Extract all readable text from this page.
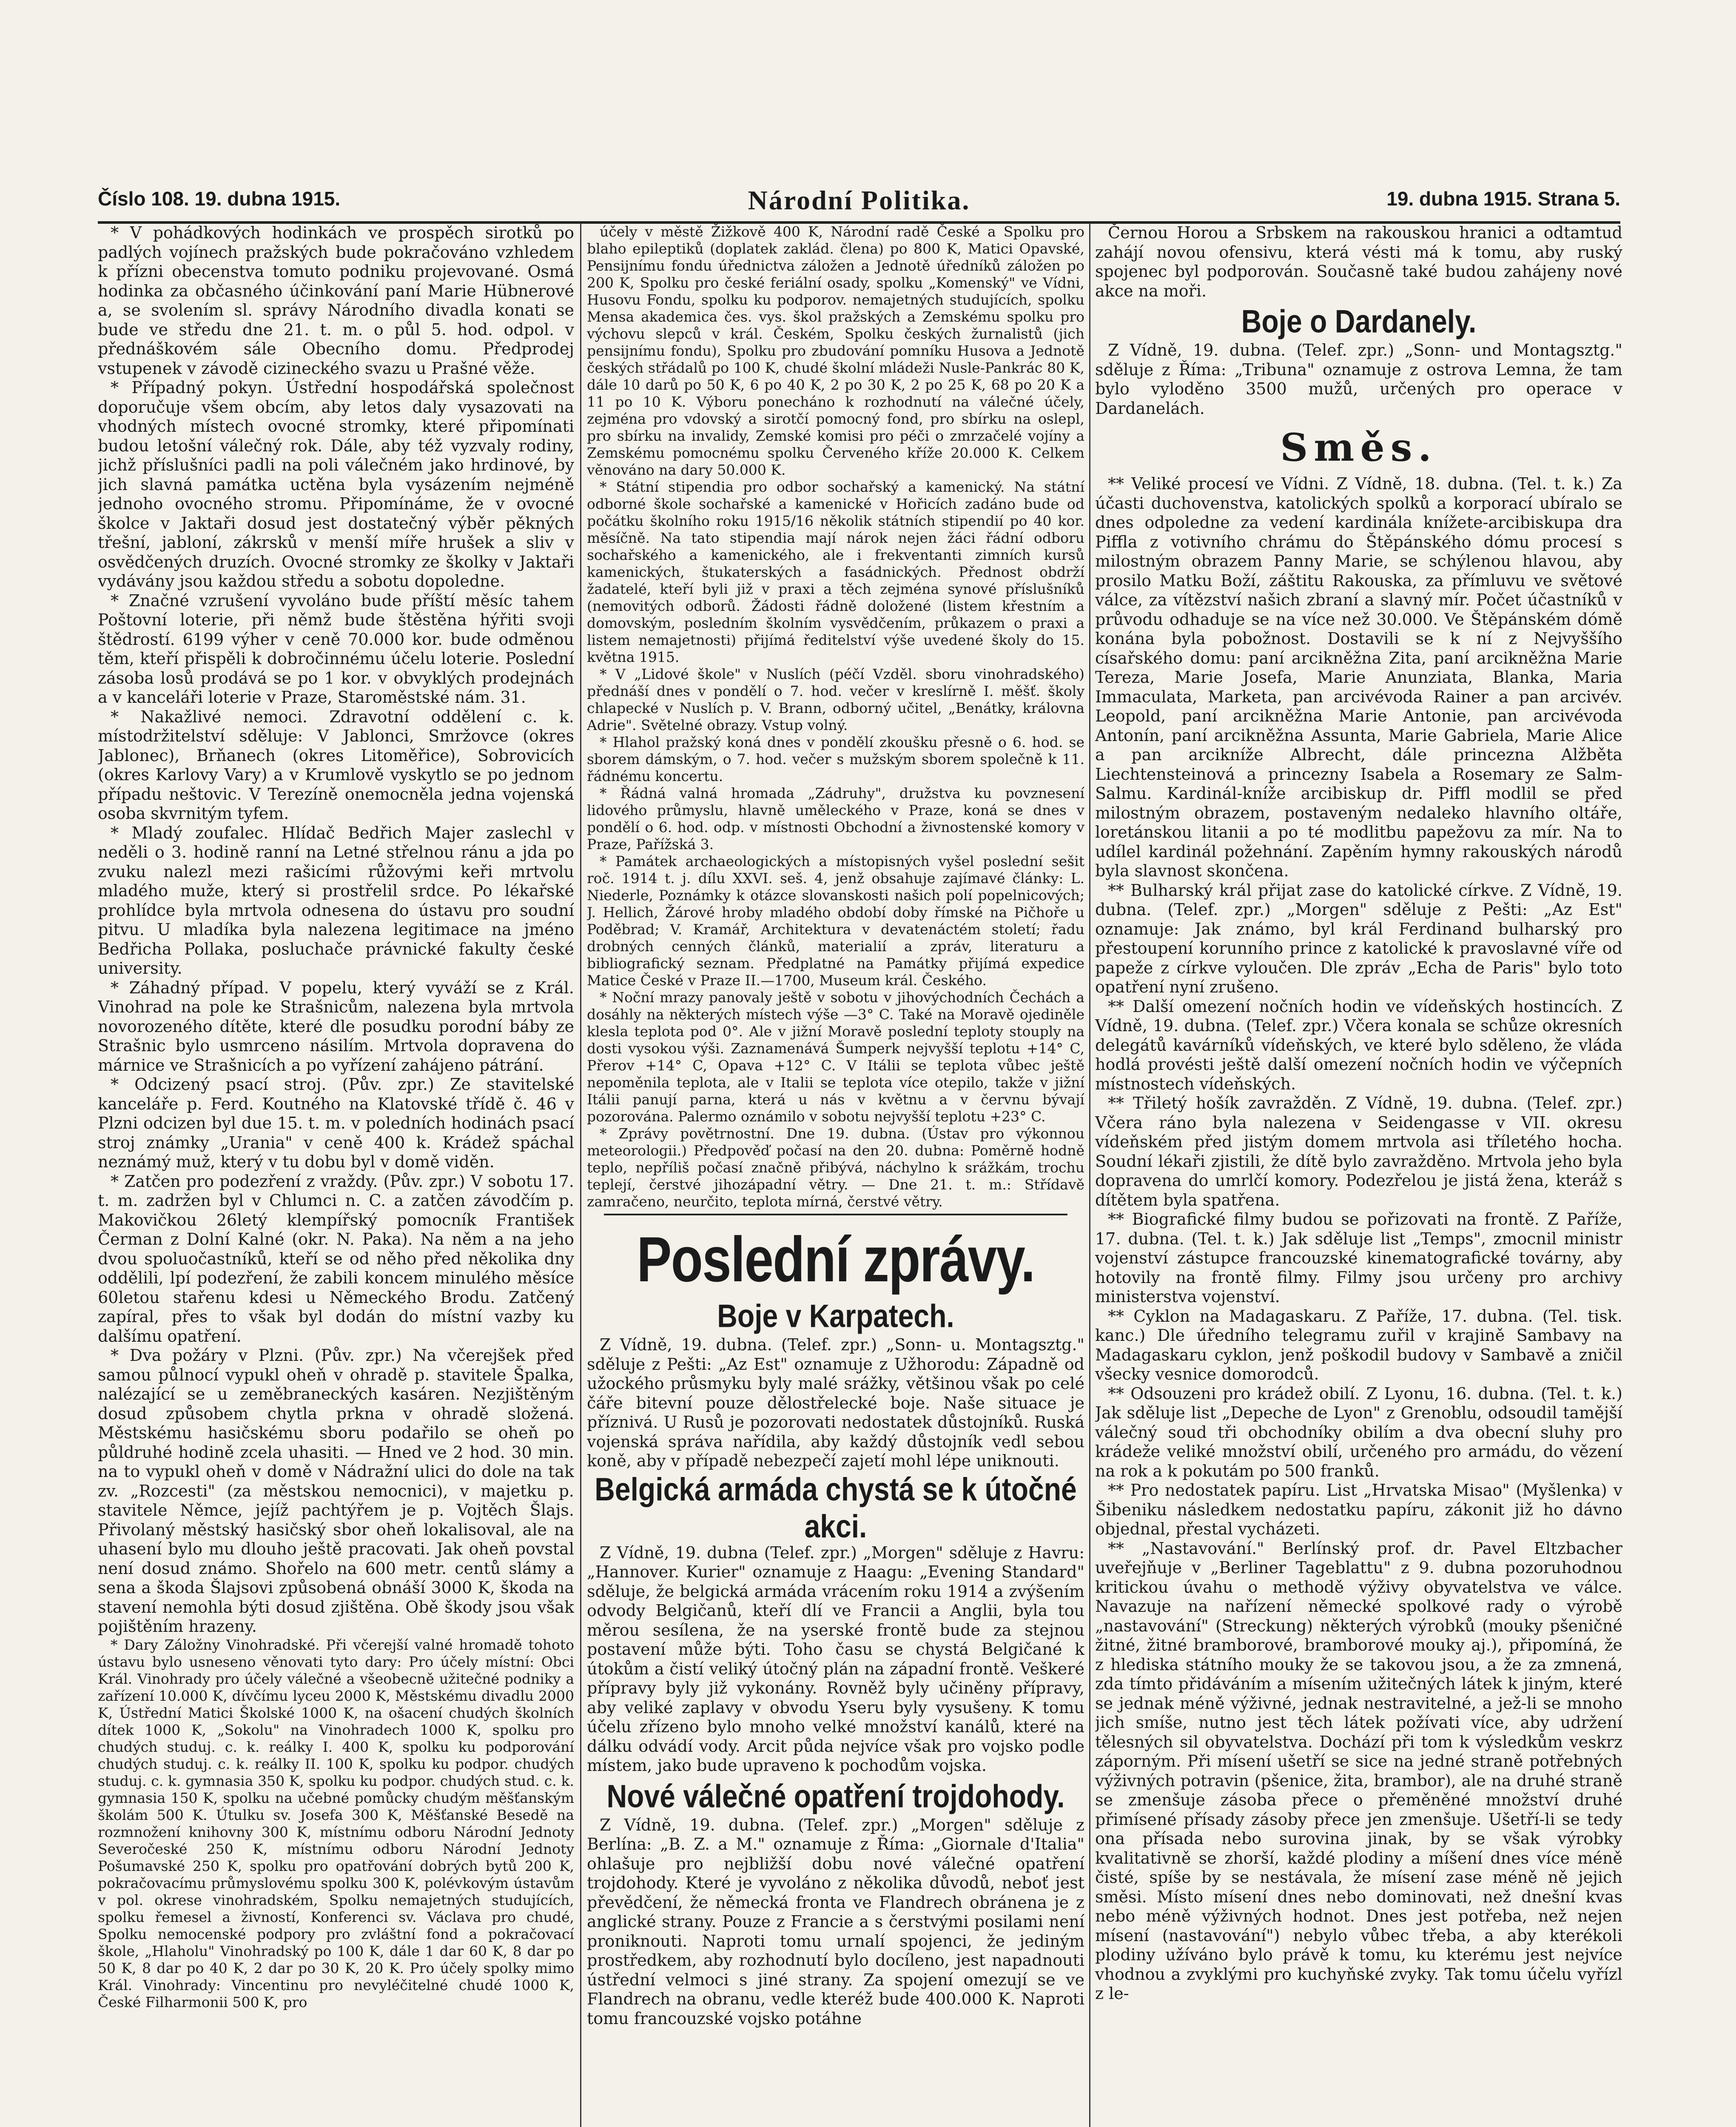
Číslo 108. 19. dubna 1915.	Národní Politika.	19. dubna 1915. Strana 5.

* V pohádkových hodinkách ve prospěch sirotků po padlých vojínech pražských bude pokračováno vzhledem k přízni obecenstva tomuto podniku projevované. Osmá hodinka za občasného účinkování paní Marie Hübnerové a, se svolením sl. správy Národního divadla konati se bude ve středu dne 21. t. m. o půl 5. hod. odpol. v přednáškovém sále Obecního domu. Předprodej vstupenek v závodě cizineckého svazu u Prašné věže.

* Případný pokyn. Ústřední hospodářská společnost doporučuje všem obcím, aby letos daly vysazovati na vhodných místech ovocné stromky, které připomínati budou letošní válečný rok. Dále, aby též vyzvaly rodiny, jichž příslušníci padli na poli válečném jako hrdinové, by jich slavná památka uctěna byla vysázením nejméně jednoho ovocného stromu. Připomínáme, že v ovocné školce v Jaktaři dosud jest dostatečný výběr pěkných třešní, jabloní, zákrsků v menší míře hrušek a sliv v osvědčených druzích. Ovocné stromky ze školky v Jaktaři vydávány jsou každou středu a sobotu dopoledne.

* Značné vzrušení vyvoláno bude příští měsíc tahem Poštovní loterie, při němž bude štěstěna hýřiti svoji štědrostí. 6199 výher v ceně 70.000 kor. bude odměnou těm, kteří přispěli k dobročinnému účelu loterie. Poslední zásoba losů prodává se po 1 kor. v obvyklých prodejnách a v kanceláři loterie v Praze, Staroměstské nám. 31.

* Nakažlivé nemoci. Zdravotní oddělení c. k. místodržitelství sděluje: V Jablonci, Smržovce (okres Jablonec), Brňanech (okres Litoměřice), Sobrovicích (okres Karlovy Vary) a v Krumlově vyskytlo se po jednom případu neštovic. V Terezíně onemocněla jedna vojenská osoba skvrnitým tyfem.

* Mladý zoufalec. Hlídač Bedřich Majer zaslechl v neděli o 3. hodině ranní na Letné střelnou ránu a jda po zvuku nalezl mezi rašicími růžovými keři mrtvolu mladého muže, který si prostřelil srdce. Po lékařské prohlídce byla mrtvola odnesena do ústavu pro soudní pitvu. U mladíka byla nalezena legitimace na jméno Bedřicha Pollaka, posluchače právnické fakulty české university.

* Záhadný případ. V popelu, který vyváží se z Král. Vinohrad na pole ke Strašnicům, nalezena byla mrtvola novorozeného dítěte, které dle posudku porodní báby ze Strašnic bylo usmrceno násilím. Mrtvola dopravena do márnice ve Strašnicích a po vyřízení zahájeno pátrání.

* Odcizený psací stroj. (Pův. zpr.) Ze stavitelské kanceláře p. Ferd. Koutného na Klatovské třídě č. 46 v Plzni odcizen byl due 15. t. m. v poledních hodinách psací stroj známky „Urania" v ceně 400 k. Krádež spáchal neznámý muž, který v tu dobu byl v domě viděn.

* Zatčen pro podezření z vraždy. (Pův. zpr.) V sobotu 17. t. m. zadržen byl v Chlumci n. C. a zatčen závodčím p. Makovičkou 26letý klempířský pomocník František Čerman z Dolní Kalné (okr. N. Paka). Na něm a na jeho dvou spoluočastníků, kteří se od něho před několika dny oddělili, lpí podezření, že zabili koncem minulého měsíce 60letou stařenu kdesi u Německého Brodu. Zatčený zapíral, přes to však byl dodán do místní vazby ku dalšímu opatření.

* Dva požáry v Plzni. (Pův. zpr.) Na včerejšek před samou půlnocí vypukl oheň v ohradě p. stavitele Špalka, nalézající se u zeměbraneckých kasáren. Nezjištěným dosud způsobem chytla prkna v ohradě složená. Městskému hasičskému sboru podařilo se oheň po půldruhé hodině zcela uhasiti. — Hned ve 2 hod. 30 min. na to vypukl oheň v domě v Nádražní ulici do dole na tak zv. „Rozcesti" (za městskou nemocnici), v majetku p. stavitele Němce, jejíž pachtýřem je p. Vojtěch Šlajs. Přivolaný městský hasičský sbor oheň lokalisoval, ale na uhasení bylo mu dlouho ještě pracovati. Jak oheň povstal není dosud známo. Shořelo na 600 metr. centů slámy a sena a škoda Šlajsovi způsobená obnáší 3000 K, škoda na stavení nemohla býti dosud zjištěna. Obě škody jsou však pojištěním hrazeny.

* Dary Záložny Vinohradské. Při včerejší valné hromadě tohoto ústavu bylo usneseno věnovati tyto dary: Pro účely místní: Obci Král. Vinohrady pro účely válečné a všeobecně užitečné podniky a zařízení 10.000 K, dívčímu lyceu 2000 K, Městskému divadlu 2000 K, Ústřední Matici Školské 1000 K, na ošacení chudých školních dítek 1000 K, „Sokolu" na Vinohradech 1000 K, spolku pro chudých studuj. c. k. reálky I. 400 K, spolku ku podporování chudých studuj. c. k. reálky II. 100 K, spolku ku podpor. chudých studuj. c. k. gymnasia 350 K, spolku ku podpor. chudých stud. c. k. gymnasia 150 K, spolku na učebné pomůcky chudým měšťanským školám 500 K. Útulku sv. Josefa 300 K, Měšťanské Besedě na rozmnožení knihovny 300 K, místnímu odboru Národní Jednoty Severočeské 250 K, místnímu odboru Národní Jednoty Pošumavské 250 K, spolku pro opatřování dobrých bytů 200 K, pokračovacímu průmyslovému spolku 300 K, polévkovým ústavům v pol. okrese vinohradském, Spolku nemajetných studujících, spolku řemesel a živností, Konferenci sv. Václava pro chudé, Spolku nemocenské podpory pro zvláštní fond a pokračovací škole, „Hlaholu" Vinohradský po 100 K, dále 1 dar 60 K, 8 dar po 50 K, 8 dar po 40 K, 2 dar po 30 K, 20 K. Pro účely spolky mimo Král. Vinohrady: Vincentinu pro nevyléčitelné chudé 1000 K, České Filharmonii 500 K, pro

účely v městě Žižkově 400 K, Národní radě České a Spolku pro blaho epileptiků (doplatek zaklád. člena) po 800 K, Matici Opavské, Pensijnímu fondu úřednictva záložen a Jednotě úředníků záložen po 200 K, Spolku pro české feriální osady, spolku „Komenský" ve Vídni, Husovu Fondu, spolku ku podporov. nemajetných studujících, spolku Mensa akademica čes. vys. škol pražských a Zemskému spolku pro výchovu slepců v král. Českém, Spolku českých žurnalistů (jich pensijnímu fondu), Spolku pro zbudování pomníku Husova a Jednotě českých střádalů po 100 K, chudé školní mládeži Nusle-Pankrác 80 K, dále 10 darů po 50 K, 6 po 40 K, 2 po 30 K, 2 po 25 K, 68 po 20 K a 11 po 10 K. Výboru ponecháno k rozhodnutí na válečné účely, zejména pro vdovský a sirotčí pomocný fond, pro sbírku na oslepl, pro sbírku na invalidy, Zemské komisi pro péči o zmrzačelé vojíny a Zemskému pomocnému spolku Červeného kříže 20.000 K. Celkem věnováno na dary 50.000 K.

* Státní stipendia pro odbor sochařský a kamenický. Na státní odborné škole sochařské a kamenické v Hořicích zadáno bude od počátku školního roku 1915/16 několik státních stipendií po 40 kor. měsíčně. Na tato stipendia mají nárok nejen žáci řádní odboru sochařského a kamenického, ale i frekventanti zimních kursů kamenických, štukaterských a fasádnických. Přednost obdrží žadatelé, kteří byli již v praxi a těch zejména synové příslušníků (nemovitých odborů. Žádosti řádně doložené (listem křestním a domovským, posledním školním vysvědčením, průkazem o praxi a listem nemajetnosti) přijímá ředitelství výše uvedené školy do 15. května 1915.

* V „Lidové škole" v Nuslích (péčí Vzděl. sboru vinohradského) přednáší dnes v pondělí o 7. hod. večer v kreslírně I. měšť. školy chlapecké v Nuslích p. V. Brann, odborný učitel, „Benátky, královna Adrie". Světelné obrazy. Vstup volný.

* Hlahol pražský koná dnes v pondělí zkoušku přesně o 6. hod. se sborem dámským, o 7. hod. večer s mužským sborem společně k 11. řádnému koncertu.

* Řádná valná hromada „Zádruhy", družstva ku povznesení lidového průmyslu, hlavně uměleckého v Praze, koná se dnes v pondělí o 6. hod. odp. v místnosti Obchodní a živnostenské komory v Praze, Pařížská 3.

* Památek archaeologických a místopisných vyšel poslední sešit roč. 1914 t. j. dílu XXVI. seš. 4, jenž obsahuje zajímavé články: L. Niederle, Poznámky k otázce slovanskosti našich polí popelnicových; J. Hellich, Žárové hroby mladého období doby římské na Pičhoře u Poděbrad; V. Kramář, Architektura v devatenáctém století; řadu drobných cenných článků, materialií a zpráv, literaturu a bibliografický seznam. Předplatné na Památky přijímá expedice Matice České v Praze II.—1700, Museum král. Českého.

* Noční mrazy panovaly ještě v sobotu v jihovýchodních Čechách a dosáhly na některých místech výše —3° C. Také na Moravě ojediněle klesla teplota pod 0°. Ale v jižní Moravě poslední teploty stouply na dosti vysokou výši. Zaznamenává Šumperk nejvyšší teplotu +14° C, Přerov +14° C, Opava +12° C. V Itálii se teplota vůbec ještě nepoměnila teplota, ale v Italii se teplota více otepilo, takže v jižní Itálii panují parna, která u nás v květnu a v červnu bývají pozorována. Palermo oznámilo v sobotu nejvyšší teplotu +23° C.

* Zprávy povětrnostní. Dne 19. dubna. (Ústav pro výkonnou meteorologii.) Předpověď počasí na den 20. dubna: Poměrně hodně teplo, nepříliš počasí značně přibývá, náchylno k srážkám, trochu teplejí, čerstvé jihozápadní větry. — Dne 21. t. m.: Střídavě zamračeno, neurčito, teplota mírná, čerstvé větry.

Poslední zprávy.
Boje v Karpatech.

Z Vídně, 19. dubna. (Telef. zpr.) „Sonn- u. Montagsztg." sděluje z Pešti: „Az Est" oznamuje z Užhorodu: Západně od užockého průsmyku byly malé srážky, většinou však po celé čáře bitevní pouze dělostřelecké boje. Naše situace je příznivá. U Rusů je pozorovati nedostatek důstojníků. Ruská vojenská správa nařídila, aby každý důstojník vedl sebou koně, aby v případě nebezpečí zajetí mohl lépe uniknouti.

Belgická armáda chystá se k útočné akci.

Z Vídně, 19. dubna (Telef. zpr.) „Morgen" sděluje z Havru: „Hannover. Kurier" oznamuje z Haagu: „Evening Standard" sděluje, že belgická armáda vrácením roku 1914 a zvýšením odvody Belgičanů, kteří dlí ve Francii a Anglii, byla tou měrou sesílena, že na yserské frontě bude za stejnou postavení může býti. Toho času se chystá Belgičané k útokům a čistí veliký útočný plán na západní frontě. Veškeré přípravy byly již vykonány. Rovněž byly učiněny přípravy, aby veliké zaplavy v obvodu Yseru byly vysušeny. K tomu účelu zřízeno bylo mnoho velké množství kanálů, které na dálku odvádí vody. Arcit půda nejvíce však pro vojsko podle místem, jako bude upraveno k pochodům vojska.

Nové válečné opatření trojdohody.

Z Vídně, 19. dubna. (Telef. zpr.) „Morgen" sděluje z Berlína: „B. Z. a M." oznamuje z Říma: „Giornale d'Italia" ohlašuje pro nejbližší dobu nové válečné opatření trojdohody. Které je vyvoláno z několika důvodů, neboť jest převědčení, že německá fronta ve Flandrech obránena je z anglické strany. Pouze z Francie a s čerstvými posilami není proniknouti. Naproti tomu urnalí spojenci, že jediným prostředkem, aby rozhodnutí bylo docíleno, jest napadnouti ústřední velmoci s jiné strany. Za spojení omezují se ve Flandrech na obranu, vedle kteréž bude 400.000 K. Naproti tomu francouzské vojsko potáhne

Černou Horou a Srbskem na rakouskou hranici a odtamtud zahájí novou ofensivu, která vésti má k tomu, aby ruský spojenec byl podporován. Současně také budou zahájeny nové akce na moři.

Boje o Dardanely.

Z Vídně, 19. dubna. (Telef. zpr.) „Sonn- und Montagsztg." sděluje z Říma: „Tribuna" oznamuje z ostrova Lemna, že tam bylo vyloděno 3500 mužů, určených pro operace v Dardanelách.

Směs.

** Veliké procesí ve Vídni. Z Vídně, 18. dubna. (Tel. t. k.) Za účasti duchovenstva, katolických spolků a korporací ubíralo se dnes odpoledne za vedení kardinála knížete-arcibiskupa dra Piffla z votivního chrámu do Štěpánského dómu procesí s milostným obrazem Panny Marie, se schýlenou hlavou, aby prosilo Matku Boží, záštitu Rakouska, za přímluvu ve světové válce, za vítězství našich zbraní a slavný mír. Počet účastníků v průvodu odhaduje se na více než 30.000. Ve Štěpánském dómě konána byla pobožnost. Dostavili se k ní z Nejvyššího císařského domu: paní arcikněžna Zita, paní arcikněžna Marie Tereza, Marie Josefa, Marie Anunziata, Blanka, Maria Immaculata, Marketa, pan arcivévoda Rainer a pan arcivév. Leopold, paní arcikněžna Marie Antonie, pan arcivévoda Antonín, paní arcikněžna Assunta, Marie Gabriela, Marie Alice a pan arcikníže Albrecht, dále princezna Alžběta Liechtensteinová a princezny Isabela a Rosemary ze Salm-Salmu. Kardinál-kníže arcibiskup dr. Piffl modlil se před milostným obrazem, postaveným nedaleko hlavního oltáře, loretánskou litanii a po té modlitbu papežovu za mír. Na to udílel kardinál požehnání. Zapěním hymny rakouských národů byla slavnost skončena.

** Bulharský král přijat zase do katolické církve. Z Vídně, 19. dubna. (Telef. zpr.) „Morgen" sděluje z Pešti: „Az Est" oznamuje: Jak známo, byl král Ferdinand bulharský pro přestoupení korunního prince z katolické k pravoslavné víře od papeže z církve vyloučen. Dle zpráv „Echa de Paris" bylo toto opatření nyní zrušeno.

** Další omezení nočních hodin ve vídeňských hostincích. Z Vídně, 19. dubna. (Telef. zpr.) Včera konala se schůze okresních delegátů kavárníků vídeňských, ve které bylo sděleno, že vláda hodlá provésti ještě další omezení nočních hodin ve výčepních místnostech vídeňských.

** Třiletý hošík zavražděn. Z Vídně, 19. dubna. (Telef. zpr.) Včera ráno byla nalezena v Seidengasse v VII. okresu vídeňském před jistým domem mrtvola asi tříletého hocha. Soudní lékaři zjistili, že dítě bylo zavražděno. Mrtvola jeho byla dopravena do umrlčí komory. Podezřelou je jistá žena, kteráž s dítětem byla spatřena.

** Biografické filmy budou se pořizovati na frontě. Z Paříže, 17. dubna. (Tel. t. k.) Jak sděluje list „Temps", zmocnil ministr vojenství zástupce francouzské kinematografické továrny, aby hotovily na frontě filmy. Filmy jsou určeny pro archivy ministerstva vojenství.

** Cyklon na Madagaskaru. Z Paříže, 17. dubna. (Tel. tisk. kanc.) Dle úředního telegramu zuřil v krajině Sambavy na Madagaskaru cyklon, jenž poškodil budovy v Sambavě a zničil všecky vesnice domorodců.

** Odsouzeni pro krádež obilí. Z Lyonu, 16. dubna. (Tel. t. k.) Jak sděluje list „Depeche de Lyon" z Grenoblu, odsoudil tamější válečný soud tři obchodníky obilím a dva obecní sluhy pro krádeže veliké množství obilí, určeného pro armádu, do vězení na rok a k pokutám po 500 franků.

** Pro nedostatek papíru. List „Hrvatska Misao" (Myšlenka) v Šibeniku následkem nedostatku papíru, zákonit již ho dávno objednal, přestal vycházeti.

** „Nastavování." Berlínský prof. dr. Pavel Eltzbacher uveřejňuje v „Berliner Tageblattu" z 9. dubna pozoruhodnou kritickou úvahu o methodě výživy obyvatelstva ve válce. Navazuje na nařízení německé spolkové rady o výrobě „nastavování" (Streckung) některých výrobků (mouky pšeničné žitné, žitné bramborové, bramborové mouky aj.), připomíná, že z hlediska státního mouky že se takovou jsou, a že za zmnená, zda tímto přidáváním a mísením užitečných látek k jiným, které se jednak méně výživné, jednak nestravitelné, a jež-li se mnoho jich smíše, nutno jest těch látek požívati více, aby udržení tělesných sil obyvatelstva. Dochází při tom k výsledkům veskrz záporným. Při mísení ušetří se sice na jedné straně potřebných výživných potravin (pšenice, žita, brambor), ale na druhé straně se zmenšuje zásoba přece o přeměněné množství druhé přimísené přísady zásoby přece jen zmenšuje. Ušetří-li se tedy ona přísada nebo surovina jinak, by se však výrobky kvalitativně se zhorší, každé plodiny a míšení dnes více méně čisté, spíše by se nestávala, že mísení zase méně ně jejich směsi. Místo mísení dnes nebo dominovati, než dnešní kvas nebo méně výživných hodnot. Dnes jest potřeba, než nejen mísení (nastavování") nebylo vůbec třeba, a aby kterékoli plodiny užíváno bylo právě k tomu, ku kterému jest nejvíce vhodnou a zvyklými pro kuchyňské zvyky. Tak tomu účelu vyřízl z le-
